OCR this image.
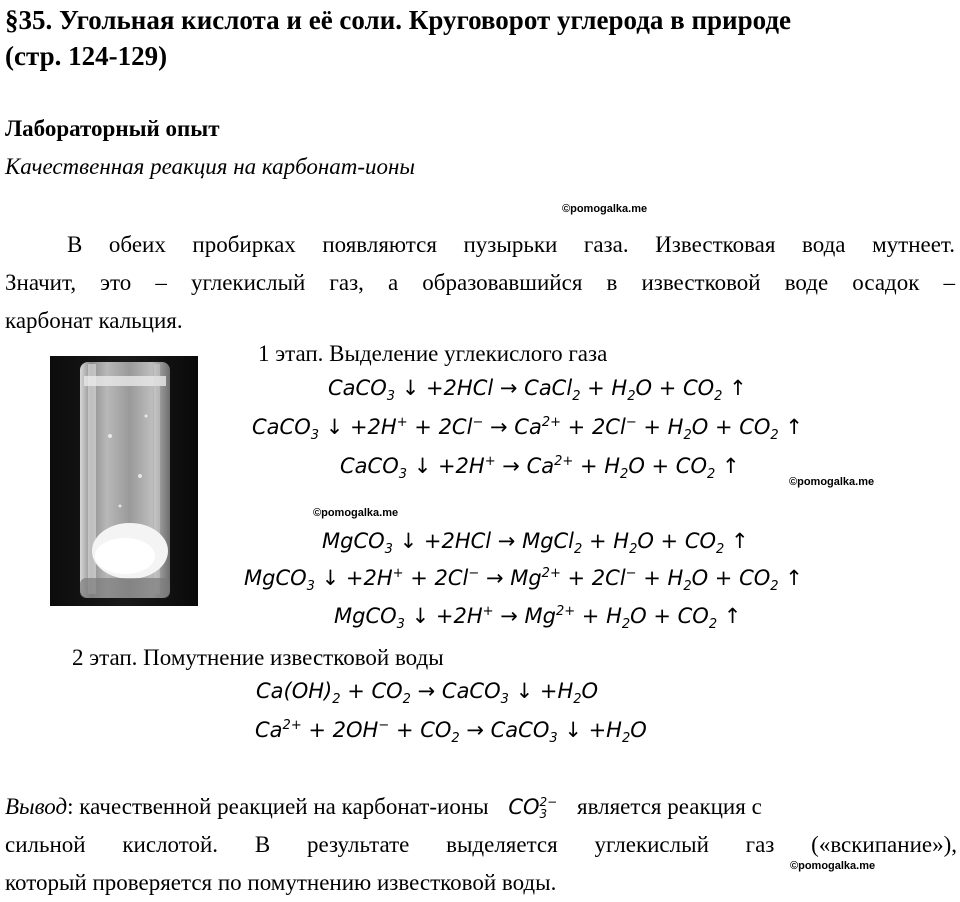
§35. Угольная кислота и её соли. Круговорот углерода в природе

(стр. 124-129)

Лабораторный опыт

Качественная реакция на карбонат-ионы

©pomogalka.me
В обеих пробирках появляются пузырьки газа. Известковая вода мутнеет.
Значит, это – углекислый газ, а образовавшийся в известковой воде осадок –
карбонат кальция.

1 этап. Выделение углекислого газа

CaCO$_3$ ↓ +2HCl → CaCl$_2$ + $H_2O + CO_2$ ↑

CaCO$_3$ ↓ $+2H^+ + 2Cl^- \to Ca^{2+} + 2Cl^- + H_2O + CO_2$ ↑

CaCO$_3$ ↓ $+2H^+ \to Ca^{2+} + H_2O + CO_2$ ↑

©pomogalka.me
©pomogalka.me

MgCO$_3$ ↓ +2HCl → MgCl$_2$ + $H_2O + CO_2$ ↑

MgCO$_3$ ↓ $+2H^+ + 2Cl^- \to Mg^{2+} + 2Cl^- + H_2O + CO_2$ ↑

MgCO$_3$ ↓ $+2H^+ \to Mg^{2+} + H_2O + CO_2$ ↑

2 этап. Помутнение известковой воды

$Ca(OH)_2 + CO_2$ → CaCO$_3$ ↓ $+H_2O$

$Ca^{2+} + 2OH^- + CO_2$ → CaCO$_3$ ↓ $+H_2O$

Вывод: качественной реакцией на карбонат-ионы CO2−
3 является реакция с
сильной кислотой. В результате выделяется углекислый газ («вскипание»),
который проверяется по помутнению известковой воды.
©pomogalka.me
